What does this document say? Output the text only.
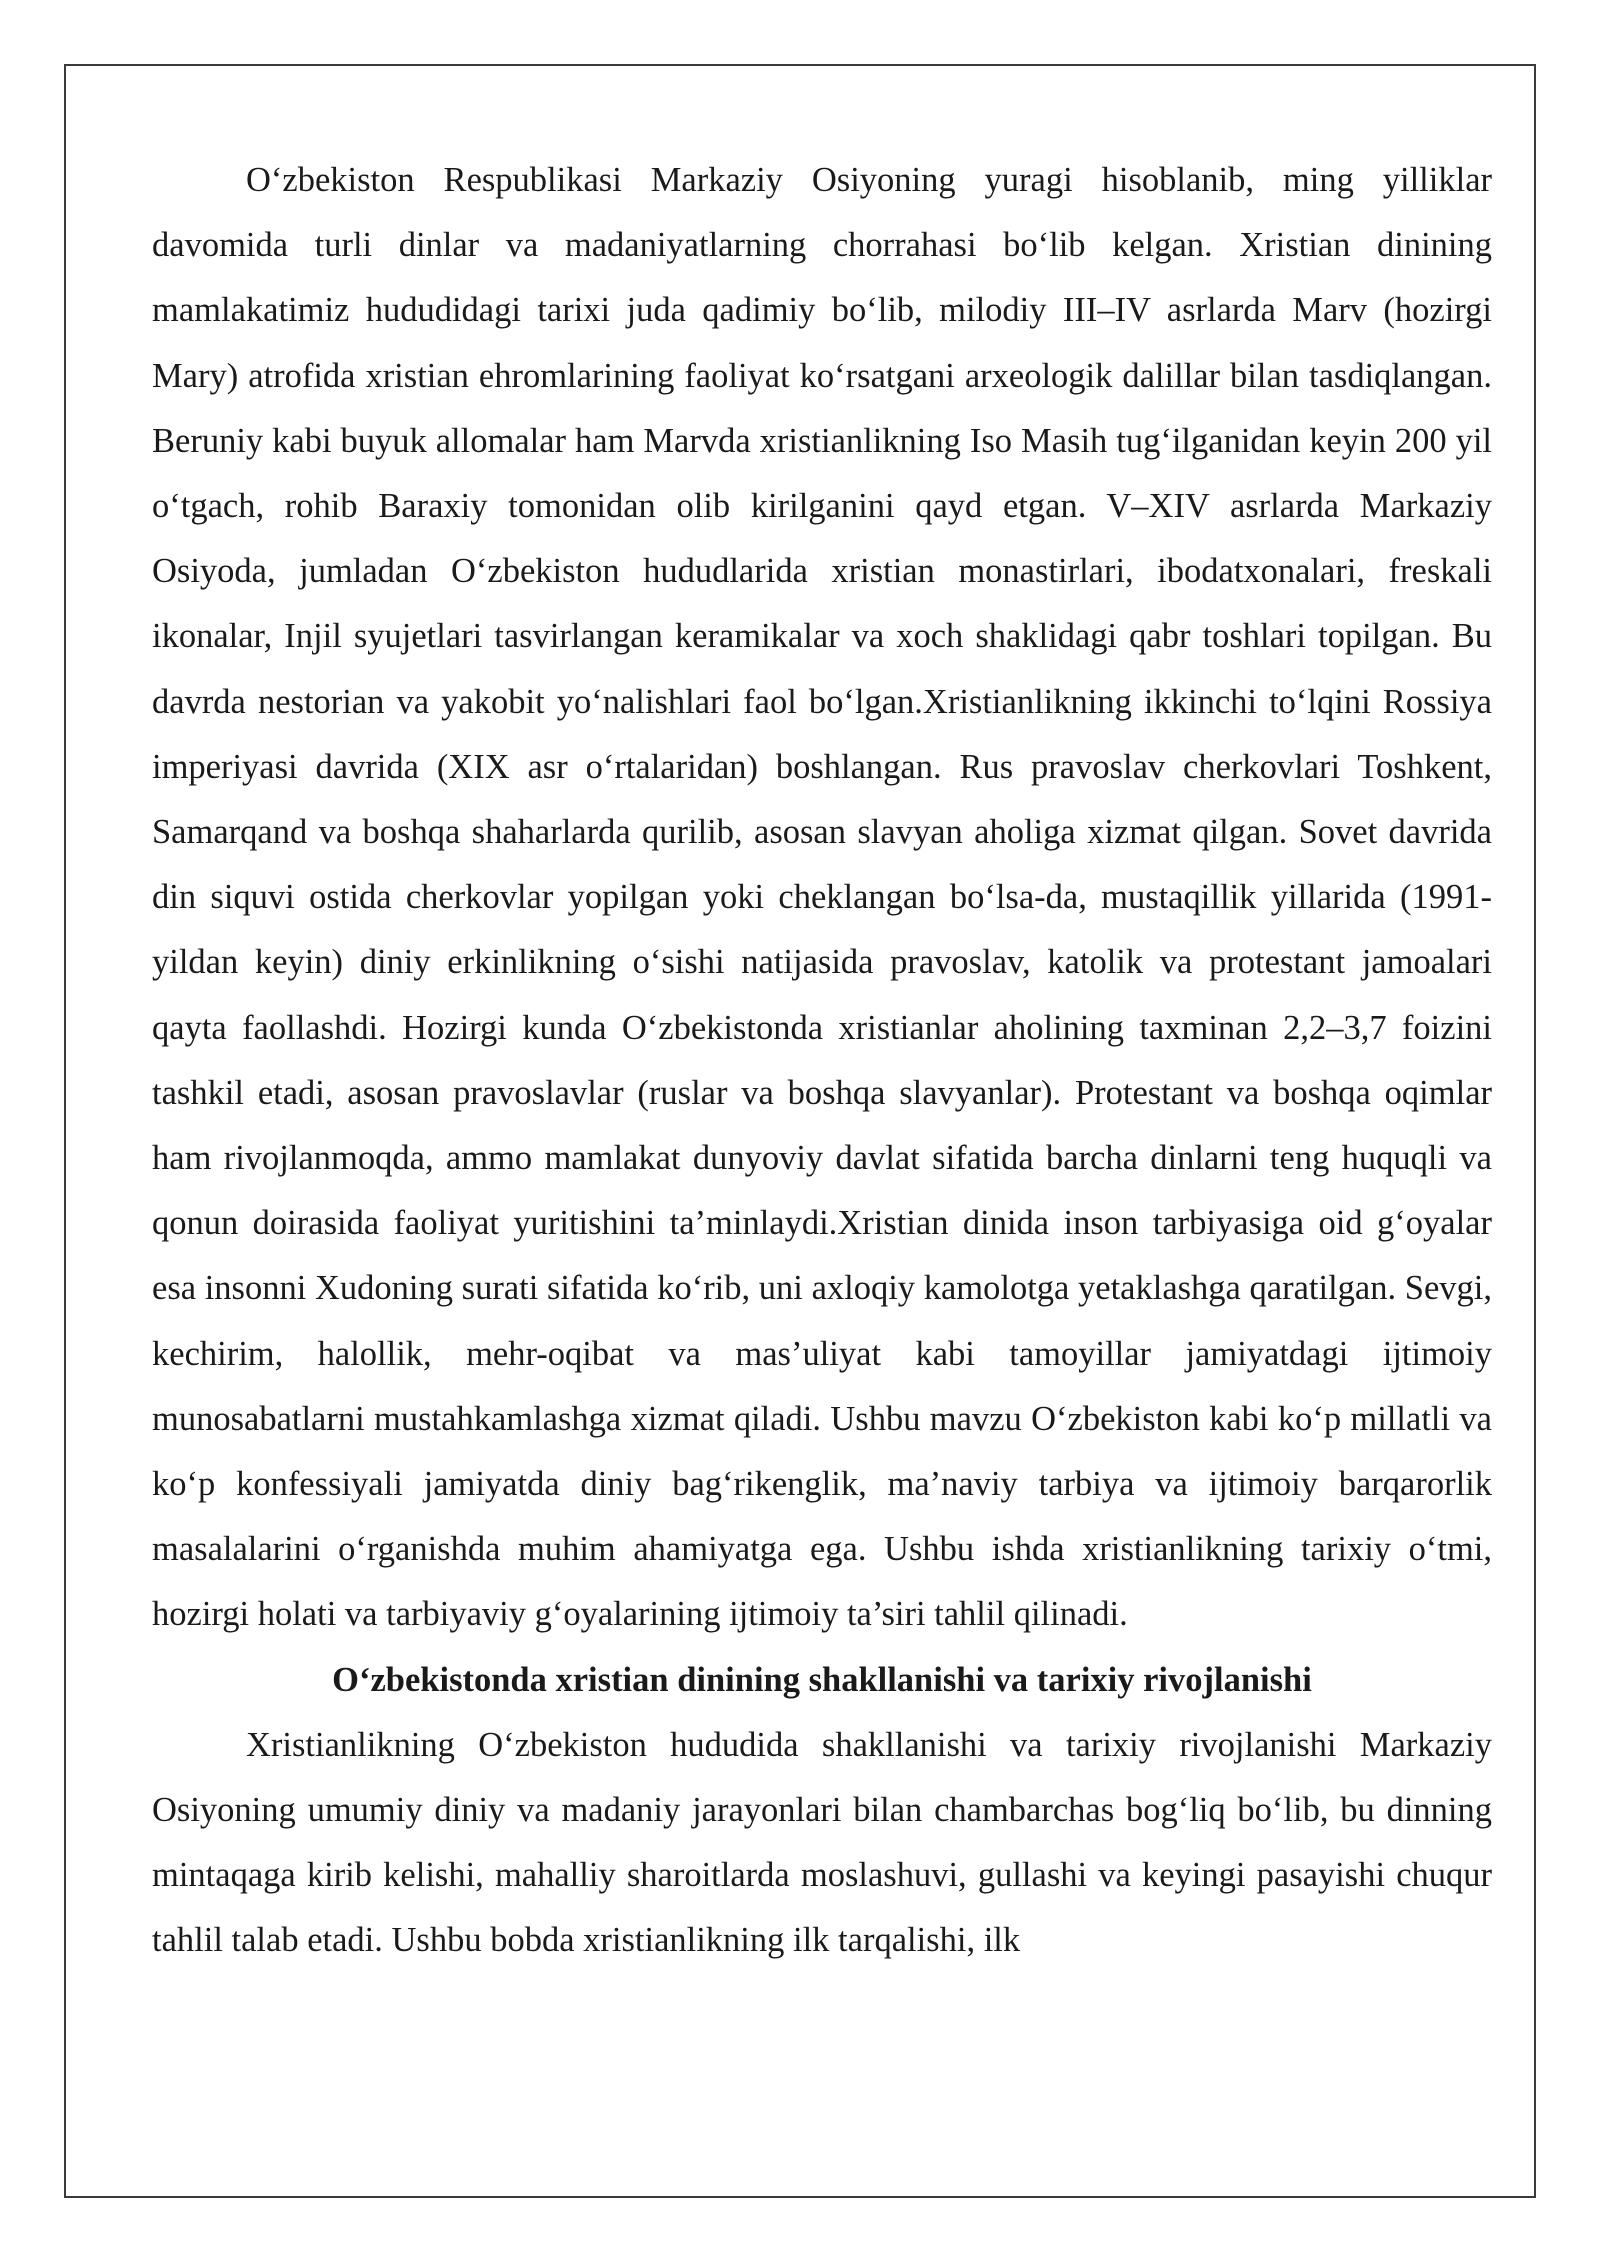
O‘zbekiston Respublikasi Markaziy Osiyoning yuragi hisoblanib, ming yilliklar davomida turli dinlar va madaniyatlarning chorrahasi bo‘lib kelgan. Xristian dinining mamlakatimiz hududidagi tarixi juda qadimiy bo‘lib, milodiy III–IV asrlarda Marv (hozirgi Mary) atrofida xristian ehromlarining faoliyat ko‘rsatgani arxeologik dalillar bilan tasdiqlangan. Beruniy kabi buyuk allomalar ham Marvda xristianlikning Iso Masih tug‘ilganidan keyin 200 yil o‘tgach, rohib Baraxiy tomonidan olib kirilganini qayd etgan. V–XIV asrlarda Markaziy Osiyoda, jumladan O‘zbekiston hududlarida xristian monastirlari, ibodatxonalari, freskali ikonalar, Injil syujetlari tasvirlangan keramikalar va xoch shaklidagi qabr toshlari topilgan. Bu davrda nestorian va yakobit yo‘nalishlari faol bo‘lgan.Xristianlikning ikkinchi to‘lqini Rossiya imperiyasi davrida (XIX asr o‘rtalaridan) boshlangan. Rus pravoslav cherkovlari Toshkent, Samarqand va boshqa shaharlarda qurilib, asosan slavyan aholiga xizmat qilgan. Sovet davrida din siquvi ostida cherkovlar yopilgan yoki cheklangan bo‘lsa-da, mustaqillik yillarida (1991-yildan keyin) diniy erkinlikning o‘sishi natijasida pravoslav, katolik va protestant jamoalari qayta faollashdi. Hozirgi kunda O‘zbekistonda xristianlar aholining taxminan 2,2–3,7 foizini tashkil etadi, asosan pravoslavlar (ruslar va boshqa slavyanlar). Protestant va boshqa oqimlar ham rivojlanmoqda, ammo mamlakat dunyoviy davlat sifatida barcha dinlarni teng huquqli va qonun doirasida faoliyat yuritishini ta’minlaydi.Xristian dinida inson tarbiyasiga oid g‘oyalar esa insonni Xudoning surati sifatida ko‘rib, uni axloqiy kamolotga yetaklashga qaratilgan. Sevgi, kechirim, halollik, mehr-oqibat va mas’uliyat kabi tamoyillar jamiyatdagi ijtimoiy munosabatlarni mustahkamlashga xizmat qiladi. Ushbu mavzu O‘zbekiston kabi ko‘p millatli va ko‘p konfessiyali jamiyatda diniy bag‘rikenglik, ma’naviy tarbiya va ijtimoiy barqarorlik masalalarini o‘rganishda muhim ahamiyatga ega. Ushbu ishda xristianlikning tarixiy o‘tmi, hozirgi holati va tarbiyaviy g‘oyalarining ijtimoiy ta’siri tahlil qilinadi.

O‘zbekistonda xristian dinining shakllanishi va tarixiy rivojlanishi

Xristianlikning O‘zbekiston hududida shakllanishi va tarixiy rivojlanishi Markaziy Osiyoning umumiy diniy va madaniy jarayonlari bilan chambarchas bog‘liq bo‘lib, bu dinning mintaqaga kirib kelishi, mahalliy sharoitlarda moslashuvi, gullashi va keyingi pasayishi chuqur tahlil talab etadi. Ushbu bobda xristianlikning ilk tarqalishi, ilk
